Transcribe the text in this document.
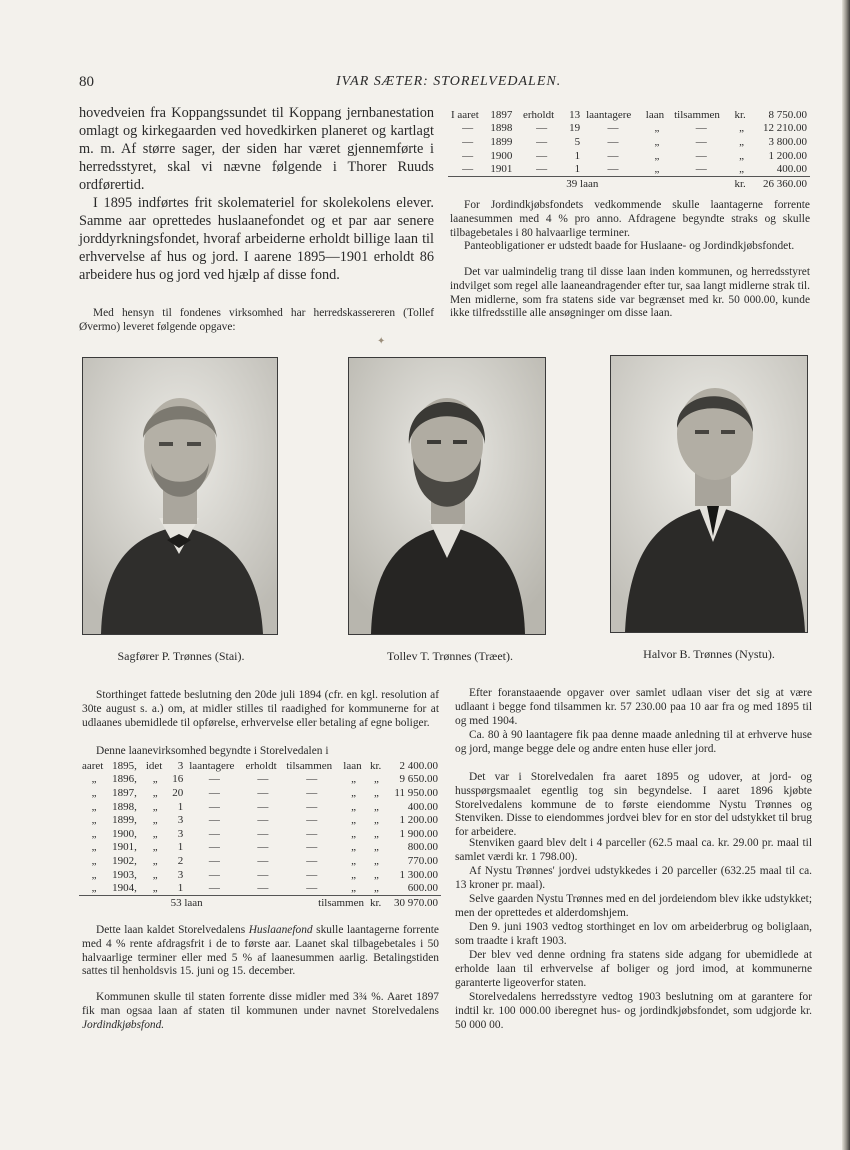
80	IVAR SÆTER: STORELVEDALEN.

hovedveien fra Koppangssundet til Koppang jernbanestation omlagt og kirkegaarden ved hovedkirken planeret og kartlagt m. m. Af større sager, der siden har været gjennemførte i herredsstyret, skal vi nævne følgende i Thorer Ruuds ordførertid.

I 1895 indførtes frit skolemateriel for skolekolens elever. Samme aar oprettedes huslaanefondet og et par aar senere jorddyrkningsfondet, hvoraf arbeiderne erholdt billige laan til erhvervelse af hus og jord. I aarene 1895—1901 erholdt 86 arbeidere hus og jord ved hjælp af disse fond.

Med hensyn til fondenes virksomhed har herredskassereren (Tollef Øvermo) leveret følgende opgave:

I aaret	1897	erholdt	13	laantagere	laan	tilsammen	kr.	8 750.00
—	1898	—	19	—	„	—	„	12 210.00
—	1899	—	5	—	„	—	„	3 800.00
—	1900	—	1	—	„	—	„	1 200.00
—	1901	—	1	—	„	—	„	400.00
			39 laan				kr.	26 360.00

For Jordindkjøbsfondets vedkommende skulle laantagerne forrente laanesummen med 4 % pro anno. Afdragene begyndte straks og skulle tilbagebetales i 80 halvaarlige terminer.

Panteobligationer er udstedt baade for Huslaane- og Jordindkjøbsfondet.

Det var ualmindelig trang til disse laan inden kommunen, og herredsstyret indvilget som regel alle laaneandragender efter tur, saa langt midlerne strak til. Men midlerne, som fra statens side var begrænset med kr. 50 000.00, kunde ikke tilfredsstille alle ansøgninger om disse laan.

✦
Sagfører P. Trønnes (Stai).	Tollev T. Trønnes (Træet).	Halvor B. Trønnes (Nystu).

Storthinget fattede beslutning den 20de juli 1894 (cfr. en kgl. resolution af 30te august s. a.) om, at midler stilles til raadighed for kommunerne for at udlaanes ubemidlede til opførelse, erhvervelse eller betaling af egne boliger.

Denne laanevirksomhed begyndte i Storelvedalen i

aaret	1895,	idet	3	laantagere	erholdt	tilsammen	laan	kr.	2 400.00
„	1896,	„	16	—	—	—	„	„	9 650.00
„	1897,	„	20	—	—	—	„	„	11 950.00
„	1898,	„	1	—	—	—	„	„	400.00
„	1899,	„	3	—	—	—	„	„	1 200.00
„	1900,	„	3	—	—	—	„	„	1 900.00
„	1901,	„	1	—	—	—	„	„	800.00
„	1902,	„	2	—	—	—	„	„	770.00
„	1903,	„	3	—	—	—	„	„	1 300.00
„	1904,	„	1	—	—	—	„	„	600.00
			53 laan			tilsammen		kr.	30 970.00

Dette laan kaldet Storelvedalens Huslaanefond skulle laantagerne forrente med 4 % rente afdragsfrit i de to første aar. Laanet skal tilbagebetales i 50 halvaarlige terminer eller med 5 % af laanesummen aarlig. Betalingstiden sattes til henholdsvis 15. juni og 15. december.

Kommunen skulle til staten forrente disse midler med 3¾ %. Aaret 1897 fik man ogsaa laan af staten til kommunen under navnet Storelvedalens Jordindkjøbsfond.

Efter foranstaaende opgaver over samlet udlaan viser det sig at være udlaant i begge fond tilsammen kr. 57 230.00 paa 10 aar fra og med 1895 til og med 1904.

Ca. 80 à 90 laantagere fik paa denne maade anledning til at erhverve huse og jord, mange begge dele og andre enten huse eller jord.

Det var i Storelvedalen fra aaret 1895 og udover, at jord- og husspørgsmaalet egentlig tog sin begyndelse. I aaret 1896 kjøbte Storelvedalens kommune de to første eiendomme Nystu Trønnes og Stenviken. Disse to eiendommes jordvei blev for en stor del udstykket til brug for arbeidere.

Stenviken gaard blev delt i 4 parceller (62.5 maal ca. kr. 29.00 pr. maal til samlet værdi kr. 1 798.00).

Af Nystu Trønnes' jordvei udstykkedes i 20 parceller (632.25 maal til ca. 13 kroner pr. maal).

Selve gaarden Nystu Trønnes med en del jordeiendom blev ikke udstykket; men der oprettedes et alderdomshjem.

Den 9. juni 1903 vedtog storthinget en lov om arbeiderbrug og boliglaan, som traadte i kraft 1903.

Der blev ved denne ordning fra statens side adgang for ubemidlede at erholde laan til erhvervelse af boliger og jord imod, at kommunerne garanterte ligeoverfor staten.

Storelvedalens herredsstyre vedtog 1903 beslutning om at garantere for indtil kr. 100 000.00 iberegnet hus- og jordindkjøbsfondet, som udgjorde kr. 50 000 00.
